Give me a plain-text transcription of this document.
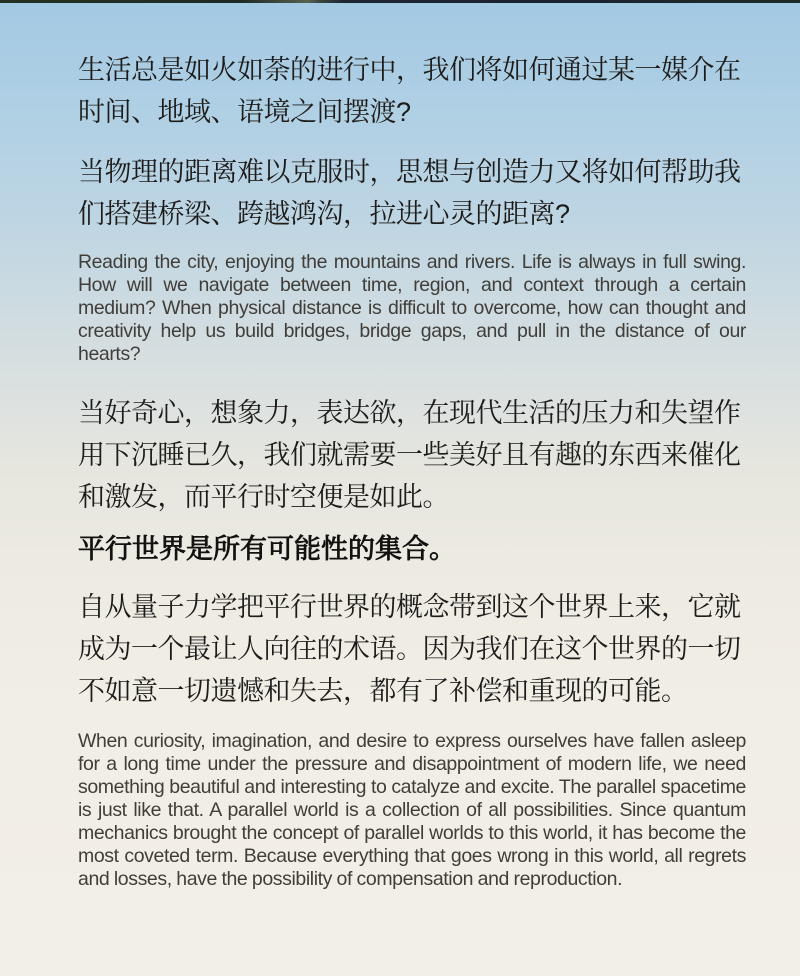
生活总是如火如荼的进行中，我们将如何通过某一媒介在时间、地域、语境之间摆渡?

当物理的距离难以克服时，思想与创造力又将如何帮助我们搭建桥梁、跨越鸿沟，拉进心灵的距离?

Reading the city, enjoying the mountains and rivers. Life is always in full swing. How will we navigate between time, region, and context through a certain medium? When physical distance is difficult to overcome, how can thought and creativity help us build bridges, bridge gaps, and pull in the distance of our hearts?

当好奇心，想象力，表达欲，在现代生活的压力和失望作用下沉睡已久，我们就需要一些美好且有趣的东西来催化和激发，而平行时空便是如此。

平行世界是所有可能性的集合。

自从量子力学把平行世界的概念带到这个世界上来，它就成为一个最让人向往的术语。因为我们在这个世界的一切不如意一切遗憾和失去，都有了补偿和重现的可能。

When curiosity, imagination, and desire to express ourselves have fallen asleep for a long time under the pressure and disappointment of modern life, we need something beautiful and interesting to catalyze and excite. The parallel spacetime is just like that. A parallel world is a collection of all possibilities. Since quantum mechanics brought the concept of parallel worlds to this world, it has become the most coveted term. Because everything that goes wrong in this world, all regrets and losses, have the possibility of compensation and reproduction.
